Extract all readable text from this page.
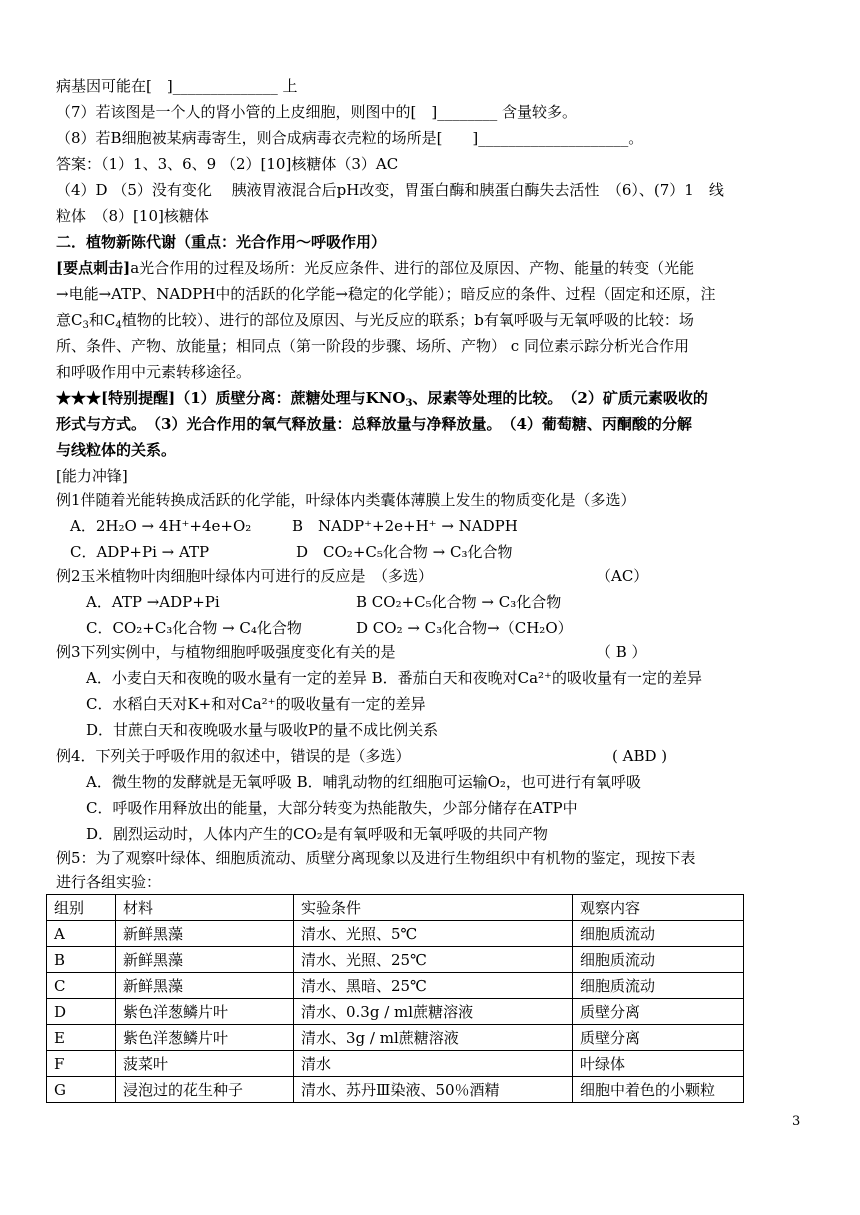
病基因可能在[　]______________ 上
（7）若该图是一个人的肾小管的上皮细胞，则图中的[　]________ 含量较多。
（8）若B细胞被某病毒寄生，则合成病毒衣壳粒的场所是[　　]____________________。
答案：（1）1、3、6、9 （2）[10]核糖体（3）AC
（4）D （5）没有变化　 胰液胃液混合后pH改变，胃蛋白酶和胰蛋白酶失去活性　（6）、(7）1　线
粒体　（8）[10]核糖体
二．植物新陈代谢（重点：光合作用～呼吸作用）
[要点刺击]a光合作用的过程及场所：光反应条件、进行的部位及原因、产物、能量的转变（光能
→电能→ATP、NADPH中的活跃的化学能→稳定的化学能）；暗反应的条件、过程（固定和还原，注
意$C_3$和$C_4$植物的比较）、进行的部位及原因、与光反应的联系；b有氧呼吸与无氧呼吸的比较：场
所、条件、产物、放能量；相同点（第一阶段的步骤、场所、产物） c 同位素示踪分析光合作用
和呼吸作用中元素转移途径。
★★★[特别提醒]（1）质壁分离：蔗糖处理与$KNO_3$、尿素等处理的比较。　（2）矿质元素吸收的
形式与方式。　（3）光合作用的氧气释放量：总释放量与净释放量。　（4）葡萄糖、丙酮酸的分解
与线粒体的关系。
[能力冲锋]
例1伴随着光能转换成活跃的化学能，叶绿体内类囊体薄膜上发生的物质变化是（多选）
A．2H₂O → 4H⁺+4e+O₂	B　NADP⁺+2e+H⁺ → NADPH
C．ADP+Pi → ATP	D　CO₂+C₅化合物 → C₃化合物
例2玉米植物叶肉细胞叶绿体内可进行的反应是　（多选）	（AC）
A．ATP →ADP+Pi	B CO₂+C₅化合物 → C₃化合物
C．CO₂+C₃化合物 → C₄化合物	D CO₂ → C₃化合物→（CH₂O）
例3下列实例中，与植物细胞呼吸强度变化有关的是	（ B ）
A．小麦白天和夜晚的吸水量有一定的差异 B．番茄白天和夜晚对Ca²⁺的吸收量有一定的差异
C．水稻白天对K+和对Ca²⁺的吸收量有一定的差异
D．甘蔗白天和夜晚吸水量与吸收P的量不成比例关系
例4．下列关于呼吸作用的叙述中，错误的是（多选）	( ABD )
A．微生物的发酵就是无氧呼吸 B．哺乳动物的红细胞可运输O₂，也可进行有氧呼吸
C．呼吸作用释放出的能量，大部分转变为热能散失，少部分储存在ATP中
D．剧烈运动时，人体内产生的CO₂是有氧呼吸和无氧呼吸的共同产物
例5：为了观察叶绿体、细胞质流动、质壁分离现象以及进行生物组织中有机物的鉴定，现按下表
进行各组实验：
组别	材料	实验条件	观察内容
A	新鲜黑藻	清水、光照、5℃	细胞质流动
B	新鲜黑藻	清水、光照、25℃	细胞质流动
C	新鲜黑藻	清水、黑暗、25℃	细胞质流动
D	紫色洋葱鳞片叶	清水、0.3g / ml蔗糖溶液	质壁分离
E	紫色洋葱鳞片叶	清水、3g / ml蔗糖溶液	质壁分离
F	菠菜叶	清水	叶绿体
G	浸泡过的花生种子	清水、苏丹Ⅲ染液、50％酒精	细胞中着色的小颗粒
3
